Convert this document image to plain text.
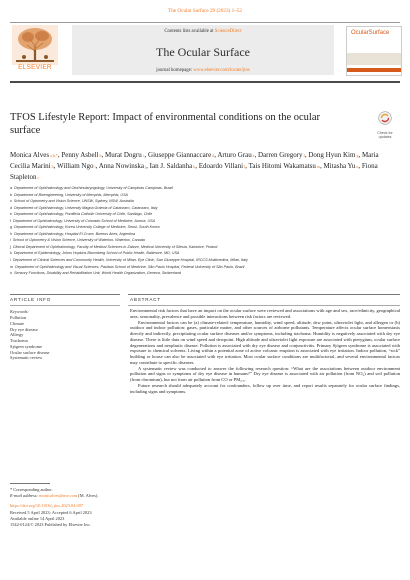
The Ocular Surface 29 (2023) 1–52
ELSEVIER
Contents lists available at ScienceDirect
The Ocular Surface
journal homepage: www.elsevier.com/locate/jtos
OcularSurface
TFOS Lifestyle Report: Impact of environmental conditions on the ocular surface	Check for updates
Monica Alves $^{a,b,*}$, Penny Asbell $^b$, Murat Dogru $^c$, Giuseppe Giannaccare $^d$, Arturo Grau $^e$, Darren Gregory $^f$, Dong Hyun Kim $^g$, Maria Cecilia Marini $^h$, William Ngo $^i$, Anna Nowinska $^j$, Ian J. Saldanha $^k$, Edoardo Villani $^l$, Tais Hitomi Wakamatsu $^m$, Mitasha Yu $^n$, Fiona Stapleton $^c$
a Department of Ophthalmology and Otorhinolaryngology, University of Campinas Campinas, Brazil
b Department of Bioengineering, University of Memphis, Memphis, USA
c School of Optometry and Vision Science, UNSW, Sydney, NSW, Australia
d Department of Ophthalmology, University Magna Graecia of Catanzaro, Catanzaro, Italy
e Department of Ophthalmology, Pontificia Catholic University of Chile, Santiago, Chile
f Department of Ophthalmology, University of Colorado School of Medicine, Aurora, USA
g Department of Ophthalmology, Korea University College of Medicine, Seoul, South Korea
h Department of Ophthalmology, Hospital El Cruce, Buenos Aires, Argentina
i School of Optometry & Vision Science, University of Waterloo, Waterloo, Canada
j Clinical Department of Ophthalmology, Faculty of Medical Sciences in Zabrze, Medical University of Silesia, Katowice, Poland
k Department of Epidemiology, Johns Hopkins Bloomberg School of Public Health, Baltimore, MD, USA
l Department of Clinical Sciences and Community Health, University of Milan, Eye Clinic, San Giuseppe Hospital, IRCCS Multimedica, Milan, Italy
m Department of Ophthalmology and Visual Sciences, Paulista School of Medicine, São Paulo Hospital, Federal University of São Paulo, Brazil
n Sensory Functions, Disability and Rehabilitation Unit, World Health Organization, Geneva, Switzerland
ARTICLE INFO	ABSTRACT
Keywords:
Pollution
Climate
Dry eye disease
Allergy
Trachoma
Sjögren syndrome
Ocular surface disease
Systematic review

Environmental risk factors that have an impact on the ocular surface were reviewed and associations with age and sex, race/ethnicity, geographical area, seasonality, prevalence and possible interactions between risk factors are reviewed.

Environmental factors can be (a) climate-related: temperature, humidity, wind speed, altitude, dew point, ultraviolet light, and allergen or (b) outdoor and indoor pollution: gases, particulate matter, and other sources of airborne pollutants. Temperature affects ocular surface homeostasis directly and indirectly, precipitating ocular surface diseases and/or symptoms, including trachoma. Humidity is negatively associated with dry eye disease. There is little data on wind speed and dewpoint. High altitude and ultraviolet light exposure are associated with pterygium, ocular surface degenerations and neoplastic disease. Pollution is associated with dry eye disease and conjunctivitis. Primary Sjögren syndrome is associated with exposure to chemical solvents. Living within a potential zone of active volcanic eruption is associated with eye irritation. Indoor pollution, “sick” building or house can also be associated with eye irritation. Most ocular surface conditions are multifactorial, and several environmental factors may contribute to specific diseases.

A systematic review was conducted to answer the following research question: “What are the associations between outdoor environment pollution and signs or symptoms of dry eye disease in humans?” Dry eye disease is associated with air pollution (from NO₂) and soil pollution (from chromium), but not from air pollution from CO or PM₂.₅.

Future research should adequately account for confounders, follow up over time, and report results separately for ocular surface findings, including signs and symptoms.

* Corresponding author.
E-mail address: monicalves@me.com (M. Alves).
https://doi.org/10.1016/j.jtos.2023.04.007
Received 5 April 2023; Accepted 6 April 2023
Available online 14 April 2023
1542-0124/© 2023 Published by Elsevier Inc.
